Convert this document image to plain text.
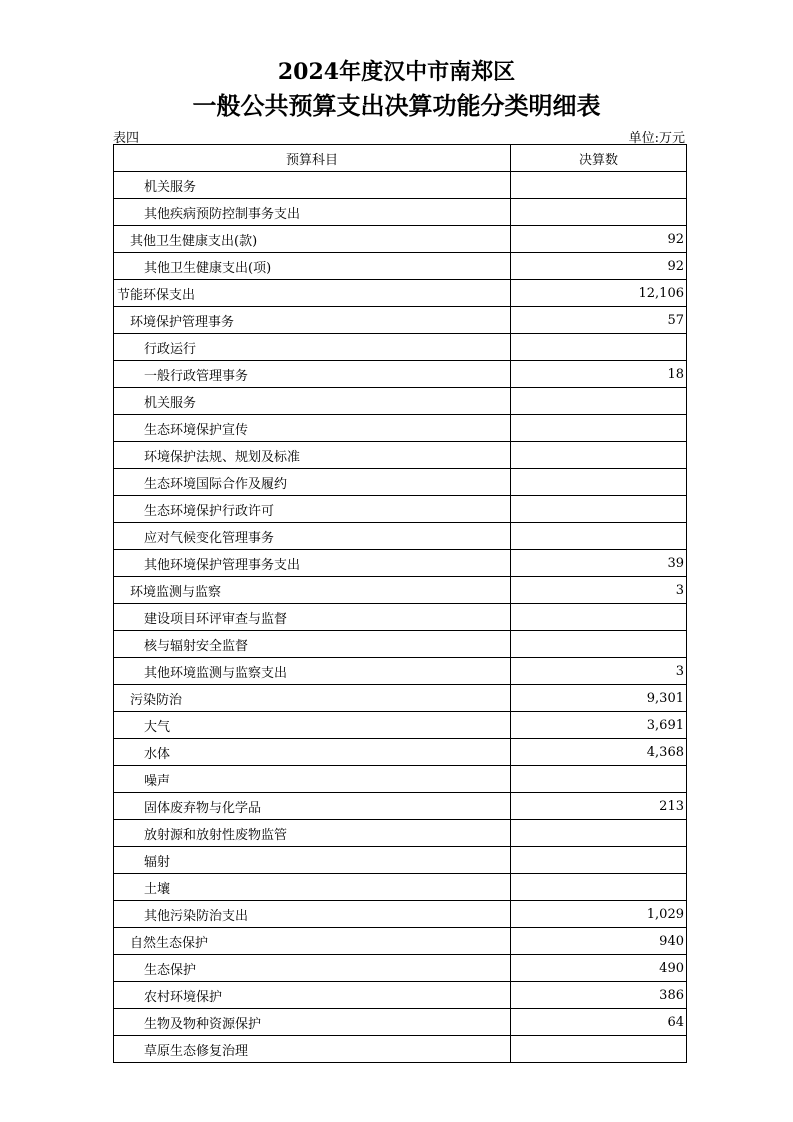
2024年度汉中市南郑区
一般公共预算支出决算功能分类明细表
表四	单位:万元
预算科目	决算数
机关服务	
其他疾病预防控制事务支出	
其他卫生健康支出(款)	92
其他卫生健康支出(项)	92
节能环保支出	12,106
环境保护管理事务	57
行政运行	
一般行政管理事务	18
机关服务	
生态环境保护宣传	
环境保护法规、规划及标准	
生态环境国际合作及履约	
生态环境保护行政许可	
应对气候变化管理事务	
其他环境保护管理事务支出	39
环境监测与监察	3
建设项目环评审查与监督	
核与辐射安全监督	
其他环境监测与监察支出	3
污染防治	9,301
大气	3,691
水体	4,368
噪声	
固体废弃物与化学品	213
放射源和放射性废物监管	
辐射	
土壤	
其他污染防治支出	1,029
自然生态保护	940
生态保护	490
农村环境保护	386
生物及物种资源保护	64
草原生态修复治理	
